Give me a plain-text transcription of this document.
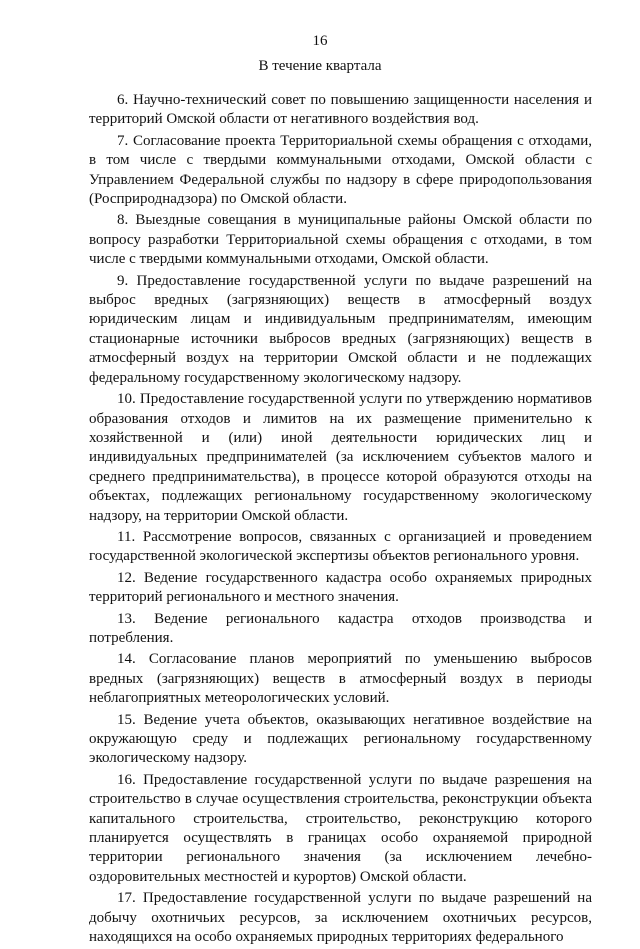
16
В течение квартала

6. Научно-технический совет по повышению защищенности населения и территорий Омской области от негативного воздействия вод.

7. Согласование проекта Территориальной схемы обращения с отходами, в том числе с твердыми коммунальными отходами, Омской области с Управлением Федеральной службы по надзору в сфере природопользования (Росприроднадзора) по Омской области.

8. Выездные совещания в муниципальные районы Омской области по вопросу разработки Территориальной схемы обращения с отходами, в том числе с твердыми коммунальными отходами, Омской области.

9. Предоставление государственной услуги по выдаче разрешений на выброс вредных (загрязняющих) веществ в атмосферный воздух юридическим лицам и индивидуальным предпринимателям, имеющим стационарные источники выбросов вредных (загрязняющих) веществ в атмосферный воздух на территории Омской области и не подлежащих федеральному государственному экологическому надзору.

10. Предоставление государственной услуги по утверждению нормативов образования отходов и лимитов на их размещение применительно к хозяйственной и (или) иной деятельности юридических лиц и индивидуальных предпринимателей (за исключением субъектов малого и среднего предпринимательства), в процессе которой образуются отходы на объектах, подлежащих региональному государственному экологическому надзору, на территории Омской области.

11. Рассмотрение вопросов, связанных с организацией и проведением государственной экологической экспертизы объектов регионального уровня.

12. Ведение государственного кадастра особо охраняемых природных территорий регионального и местного значения.

13. Ведение регионального кадастра отходов производства и потребления.

14. Согласование планов мероприятий по уменьшению выбросов вредных (загрязняющих) веществ в атмосферный воздух в периоды неблагоприятных метеорологических условий.

15. Ведение учета объектов, оказывающих негативное воздействие на окружающую среду и подлежащих региональному государственному экологическому надзору.

16. Предоставление государственной услуги по выдаче разрешения на строительство в случае осуществления строительства, реконструкции объекта капитального строительства, строительство, реконструкцию которого планируется осуществлять в границах особо охраняемой природной территории регионального значения (за исключением лечебно-оздоровительных местностей и курортов) Омской области.

17. Предоставление государственной услуги по выдаче разрешений на добычу охотничьих ресурсов, за исключением охотничьих ресурсов, находящихся на особо охраняемых природных территориях федерального
